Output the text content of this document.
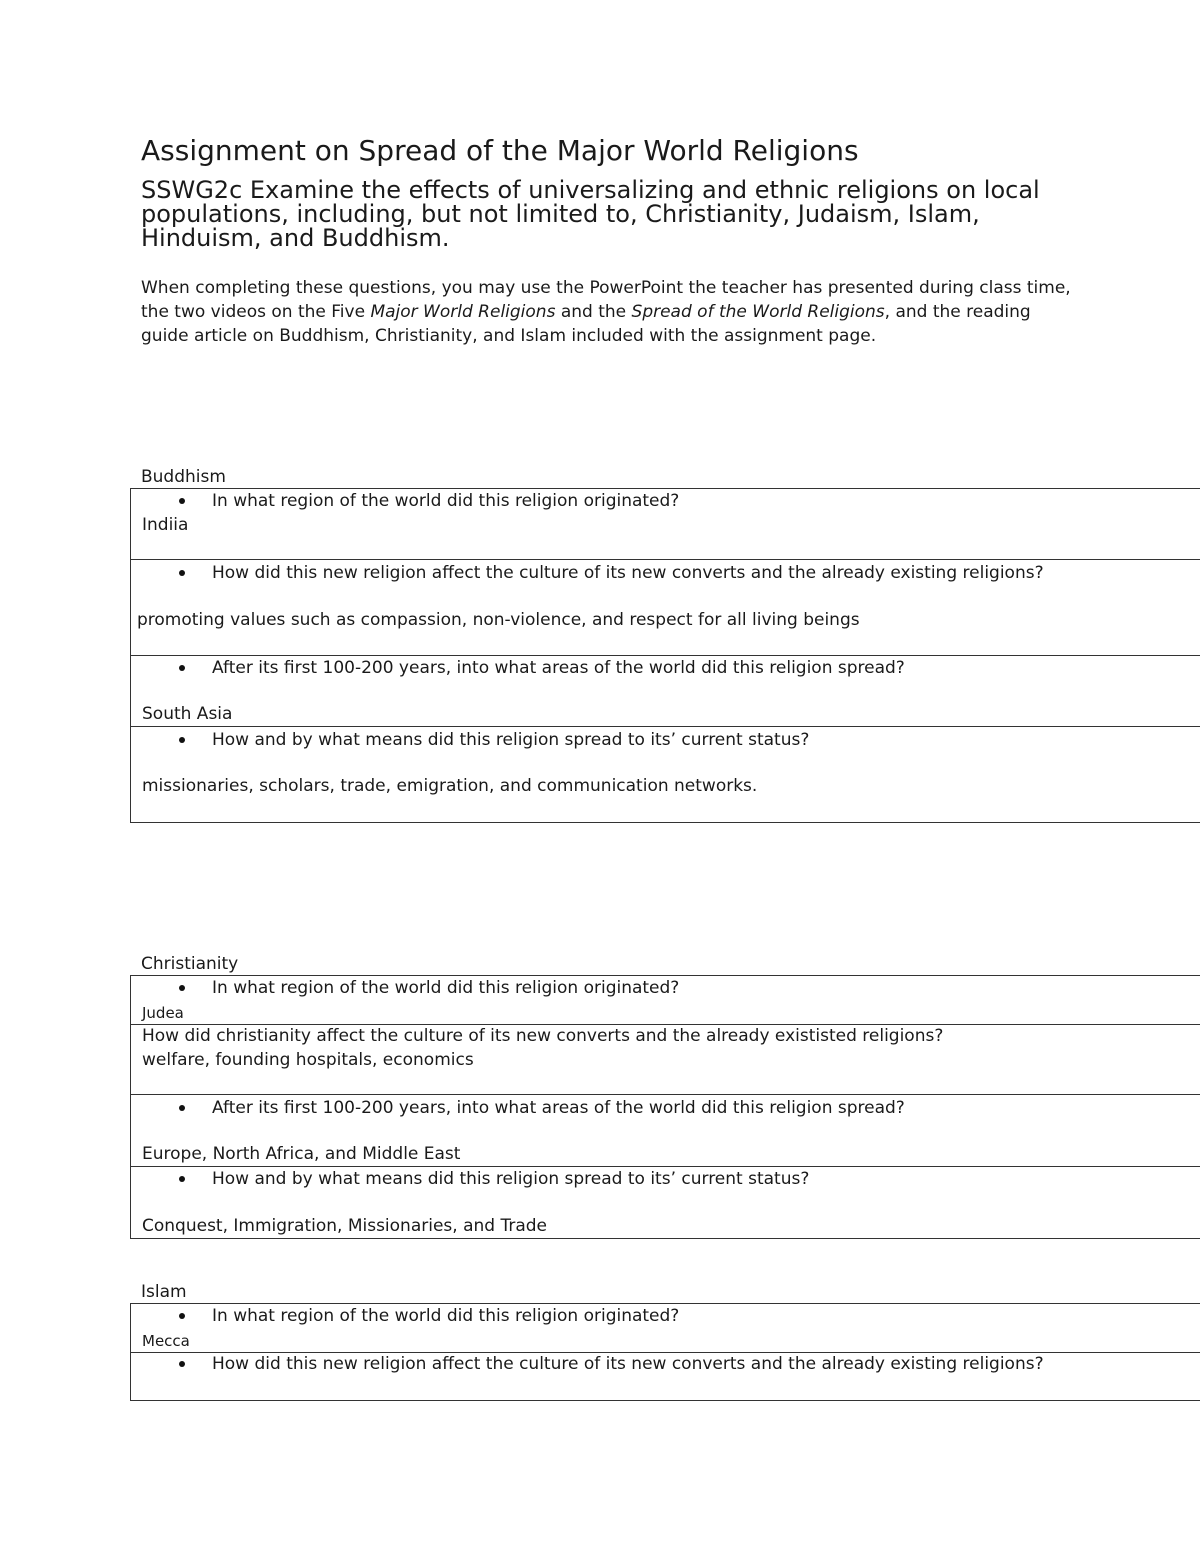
Assignment on Spread of the Major World Religions
SSWG2c Examine the effects of universalizing and ethnic religions on local populations, including, but not limited to, Christianity, Judaism, Islam, Hinduism, and Buddhism.
When completing these questions, you may use the PowerPoint the teacher has presented during class time, the two videos on the Five Major World Religions and the Spread of the World Religions, and the reading guide article on Buddhism, Christianity, and Islam included with the assignment page.
Buddhism
In what region of the world did this religion originated?
Indiia
How did this new religion affect the culture of its new converts and the already existing religions?
promoting values such as compassion, non-violence, and respect for all living beings
After its first 100-200 years, into what areas of the world did this religion spread?
South Asia
How and by what means did this religion spread to its’ current status?
missionaries, scholars, trade, emigration, and communication networks.
Christianity
In what region of the world did this religion originated?
Judea
How did christianity affect the culture of its new converts and the already exististed religions?
welfare, founding hospitals, economics
After its first 100-200 years, into what areas of the world did this religion spread?
Europe, North Africa, and Middle East
How and by what means did this religion spread to its’ current status?
Conquest, Immigration, Missionaries, and Trade
Islam
In what region of the world did this religion originated?
Mecca
How did this new religion affect the culture of its new converts and the already existing religions?
